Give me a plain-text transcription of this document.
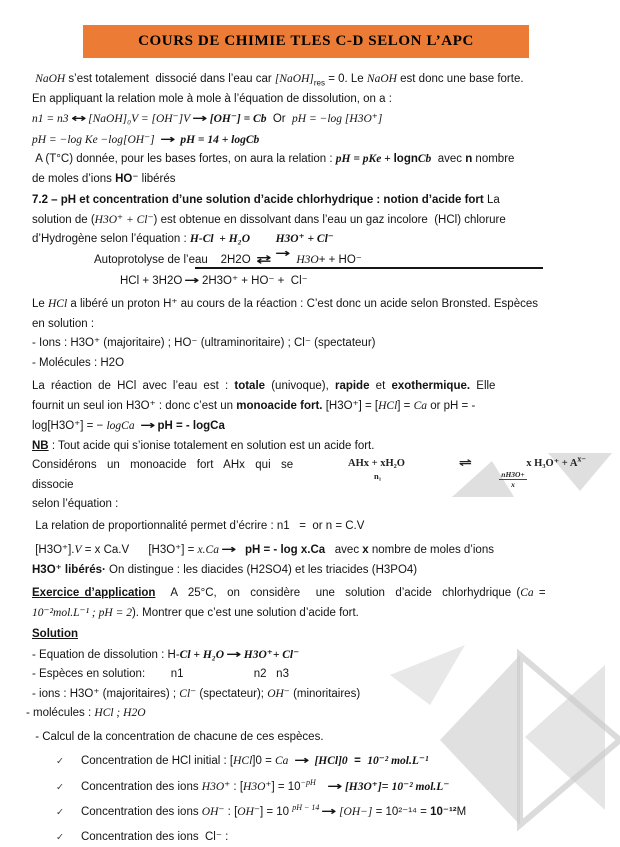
COURS DE CHIMIE TLES C-D SELON L’APC
NaOH s’est totalement  dissocié dans l’eau car $[NaOH]_{res} = 0$. Le NaOH est donc une base forte.
En appliquant la relation mole à mole à l’équation de dissolution, on a :
n1 = n3 ↔ [NaOH]₀V = [OH⁻]V → [OH⁻] = Cb  Or  pH = −log [H3O⁺]
pH = −log Ke −log[OH⁻] → pH = 14 + logCb
A (T°C) donnée, pour les bases fortes, on aura la relation : pH = pKe + lognCb  avec n nombre
de moles d’ions HO⁻ libérés
7.2 – pH et concentration d’une solution d’acide chlorhydrique : notion d’acide fort La
solution de (H3O⁺ + Cl⁻) est obtenue en dissolvant dans l’eau un gaz incolore  (HCl) chlorure
d’Hydrogène selon l’équation : H-Cl  + H₂O H3O⁺ + Cl⁻
Autoprotolyse de l’eau    2H2O ⇄ → H3O+ + HO⁻
HCl + 3H2O → 2H3O⁺ + HO⁻ +  Cl⁻
Le HCl a libéré un proton H⁺ au cours de la réaction : C’est donc un acide selon Bronsted. Espèces
en solution :
- Ions : H3O⁺ (majoritaire) ; HO⁻ (ultraminoritaire) ; Cl⁻ (spectateur)
- Molécules : H2O
La réaction de HCl avec l’eau est : totale (univoque), rapide et exothermique. Elle
fournit un seul ion H3O⁺ : donc c’est un monoacide fort. [H3O⁺] = [HCl] = Ca or pH = -
log[H3O⁺] = − logCa → pH = - logCa
NB : Tout acide qui s’ionise totalement en solution est un acide fort.
AHx + xH₂O	⇌	x $H_3O^+ + A^{x-}$
n₁	$\frac{nH3O+}{x}$
Considérons  un  monoacide  fort  AHx  qui  se  dissocie
selon l’équation :
La relation de proportionnalité permet d’écrire : n1   =  or n = C.V
[H3O⁺].V = x Ca.V      [H3O⁺] = x.Ca → pH = - log x.Ca   avec x nombre de moles d’ions
H3O⁺ libérés· On distingue : les diacides (H2SO4) et les triacides (H3PO4)
Exercice d’application   A  25°C,  on  considère   une  solution  d’acide  chlorhydrique (Ca =
10⁻²mol.L⁻¹ ; pH = 2). Montrer que c’est une solution d’acide fort.
Solution
- Equation de dissolution : H-Cl + H₂O → H3O⁺+ Cl⁻
- Espèces en solution:        n1                      n2   n3
- ions : H3O⁺ (majoritaires) ; Cl⁻ (spectateur); OH⁻ (minoritaires)
- molécules : HCl ; H2O
- Calcul de la concentration de chacune de ces espèces.
✓ Concentration de HCl initial : [HCl]0 = Ca → [HCl]0  =  10⁻² mol.L⁻¹
✓ Concentration des ions H3O⁺ : $[H3O^+] = 10^{-pH} \to [H3O^+]= 10^{-2}$ mol.L⁻
✓ Concentration des ions OH⁻ : [OH⁻] = 10 $^{pH - 14}$ → [OH−] = 10²⁻¹⁴ = 10⁻¹²M
✓ Concentration des ions  Cl⁻ :
